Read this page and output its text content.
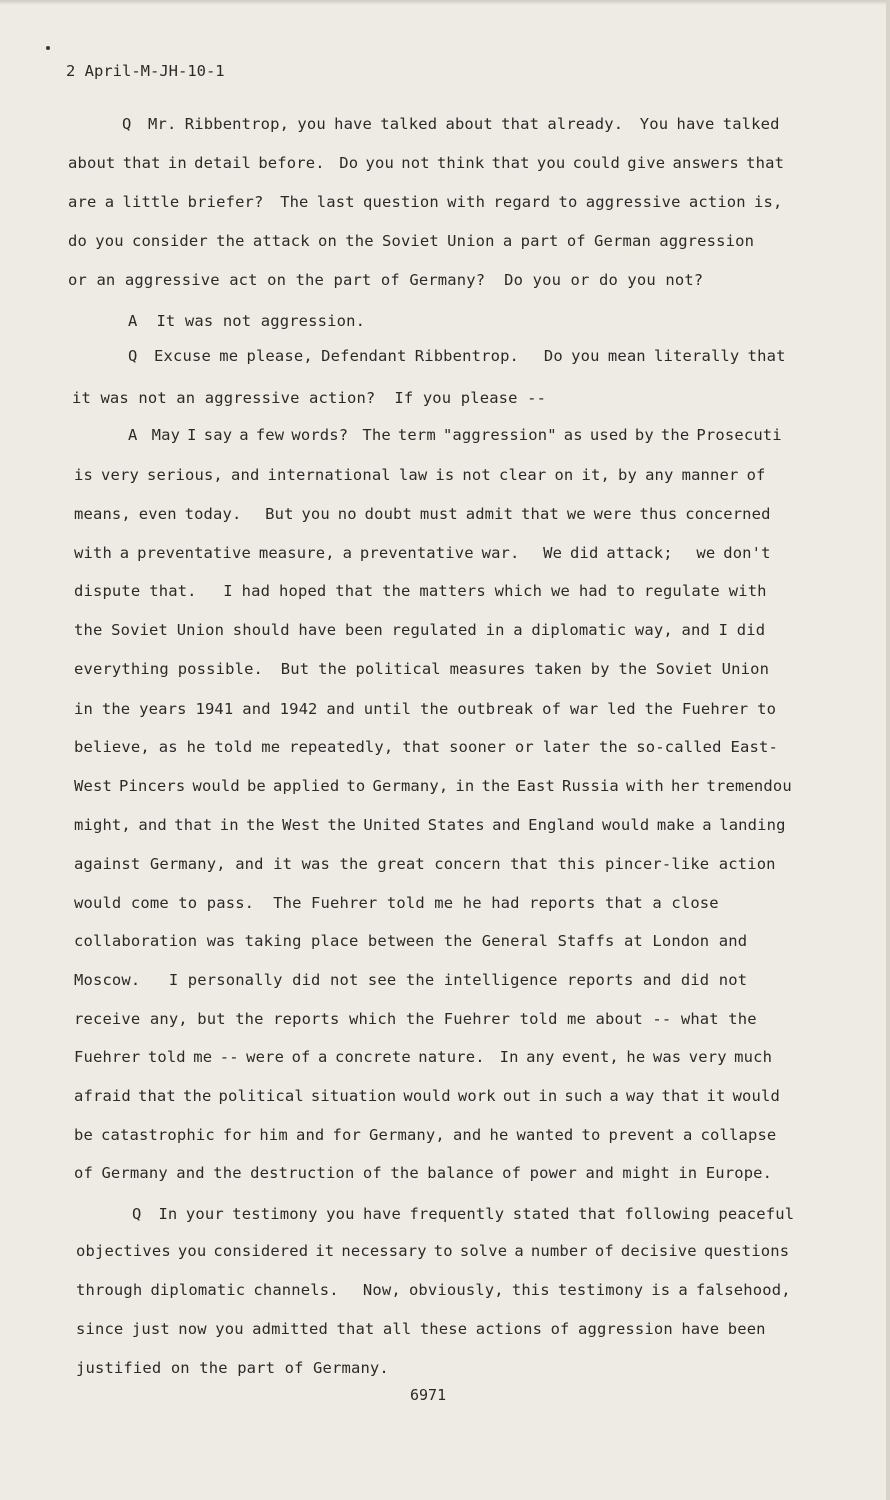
2 April-M-JH-10-1
Q  Mr. Ribbentrop, you have talked about that already.  You have talked
about that in detail before.  Do you not think that you could give answers that
are a little briefer?  The last question with regard to aggressive action is,
do you consider the attack on the Soviet Union a part of German aggression
or an aggressive act on the part of Germany?  Do you or do you not?
A  It was not aggression.
Q  Excuse me please, Defendant Ribbentrop.   Do you mean literally that
it was not an aggressive action?  If you please --
A  May I say a few words?  The term "aggression" as used by the Prosecuti
is very serious, and international law is not clear on it, by any manner of
means, even today.   But you no doubt must admit that we were thus concerned
with a preventative measure, a preventative war.   We did attack;   we don't
dispute that.   I had hoped that the matters which we had to regulate with
the Soviet Union should have been regulated in a diplomatic way, and I did
everything possible.  But the political measures taken by the Soviet Union
in the years 1941 and 1942 and until the outbreak of war led the Fuehrer to
believe, as he told me repeatedly, that sooner or later the so-called East-
West Pincers would be applied to Germany, in the East Russia with her tremendou
might, and that in the West the United States and England would make a landing
against Germany, and it was the great concern that this pincer-like action
would come to pass.  The Fuehrer told me he had reports that a close
collaboration was taking place between the General Staffs at London and
Moscow.   I personally did not see the intelligence reports and did not
receive any, but the reports which the Fuehrer told me about -- what the
Fuehrer told me -- were of a concrete nature.  In any event, he was very much
afraid that the political situation would work out in such a way that it would
be catastrophic for him and for Germany, and he wanted to prevent a collapse
of Germany and the destruction of the balance of power and might in Europe.
Q  In your testimony you have frequently stated that following peaceful
objectives you considered it necessary to solve a number of decisive questions
through diplomatic channels.   Now, obviously, this testimony is a falsehood,
since just now you admitted that all these actions of aggression have been
justified on the part of Germany.
6971
